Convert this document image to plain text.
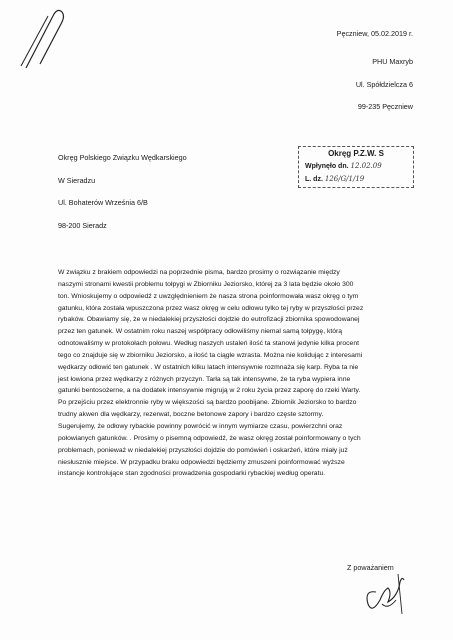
Pęczniew, 05.02.2019 r.
PHU Maxryb
Ul. Spółdzielcza 6
99-235 Pęczniew
Okręg Polskiego Związku Wędkarskiego
W Sieradzu
Ul. Bohaterów Września 6/B
98-200 Sieradz
Okręg P.Z.W. S
Wpłynęło dn. 12.02.09
L. dz. 126/G/1/19
W związku z brakiem odpowiedzi na poprzednie pisma, bardzo prosimy o rozwiązanie między
naszymi stronami kwestii problemu tołpygi w Zbiorniku Jeziorsko, której za 3 lata będzie około 300
ton. Wnioskujemy o odpowiedź z uwzględnieniem że nasza strona poinformowała wasz okręg o tym
gatunku, która została wpuszczona przez wasz okręg w celu odłowu tylko tej ryby w przyszłości przez
rybaków. Obawiamy się, że w niedalekiej przyszłości dojdzie do eutrofizacji zbiornika spowodowanej
przez ten gatunek. W ostatnim roku naszej współpracy odłowiliśmy niemal samą tołpygę, którą
odnotowaliśmy w protokołach połowu. Według naszych ustaleń ilość ta stanowi jedynie kilka procent
tego co znajduje się w zbiorniku Jeziorsko, a ilość ta ciągle wzrasta. Można nie kolidując z interesami
wędkarzy odłowić ten gatunek . W ostatnich kilku latach intensywnie rozmnaża się karp. Ryba ta nie
jest łowiona przez wędkarzy z różnych przyczyn. Tarła są tak intensywne, że ta ryba wypiera inne
gatunki bentosożerne, a na dodatek intensywnie migrują w 2 roku życia przez zaporę do rzeki Warty.
Po przejściu przez elektronnie ryby w większości są bardzo poobijane. Zbiornik Jeziorsko to bardzo
trudny akwen dla wędkarzy, rezerwat, boczne betonowe zapory i bardzo częste sztormy.
Sugerujemy, że odłowy rybackie powinny powrócić w innym wymiarze czasu, powierzchni oraz
połowianych gatunków. . Prosimy o pisemną odpowiedź, że wasz okręg został poinformowany o tych
problemach, ponieważ w niedalekiej przyszłości dojdzie do pomówień i oskarżeń, które miały już
niesłusznie miejsce. W przypadku braku odpowiedzi będziemy zmuszeni poinformować wyższe
instancje kontrolujące stan zgodności prowadzenia gospodarki rybackiej według operatu.
Z poważaniem
